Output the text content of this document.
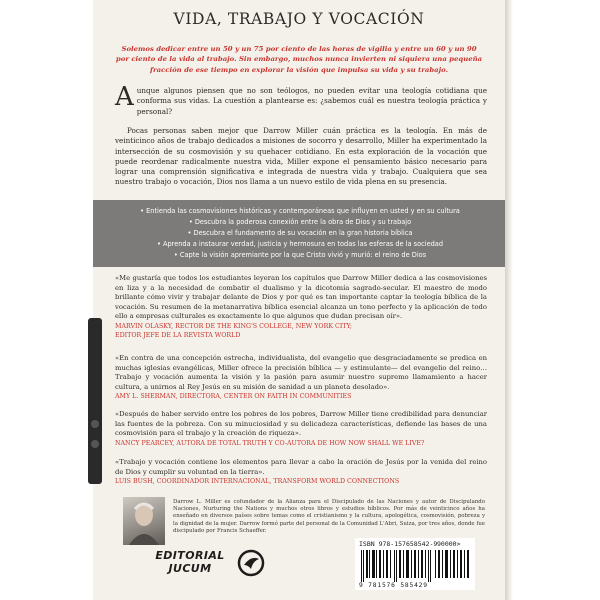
VIDA, TRABAJO Y VOCACIÓN
Solemos dedicar entre un 50 y un 75 por ciento de las horas de vigilia y entre un 60 y un 90 por ciento de la vida al trabajo. Sin embargo, muchos nunca invierten ni siquiera una pequeña fracción de ese tiempo en explorar la visión que impulsa su vida y su trabajo.
Aunque algunos piensen que no son teólogos, no pueden evitar una teología cotidiana que conforma sus vidas. La cuestión a plantearse es: ¿sabemos cuál es nuestra teología práctica y personal?
Pocas personas saben mejor que Darrow Miller cuán práctica es la teología. En más de veinticinco años de trabajo dedicados a misiones de socorro y desarrollo, Miller ha experimentado la intersección de su cosmovisión y su quehacer cotidiano. En esta exploración de la vocación que puede reordenar radicalmente nuestra vida, Miller expone el pensamiento básico necesario para lograr una comprensión significativa e integrada de nuestra vida y trabajo. Cualquiera que sea nuestro trabajo o vocación, Dios nos llama a un nuevo estilo de vida plena en su presencia.
• Entienda las cosmovisiones históricas y contemporáneas que influyen en usted y en su cultura
• Descubra la poderosa conexión entre la obra de Dios y su trabajo
• Descubra el fundamento de su vocación en la gran historia bíblica
• Aprenda a instaurar verdad, justicia y hermosura en todas las esferas de la sociedad
• Capte la visión apremiante por la que Cristo vivió y murió: el reino de Dios
«Me gustaría que todos los estudiantes leyeran los capítulos que Darrow Miller dedica a las cosmovisiones en liza y a la necesidad de combatir el dualismo y la dicotomía sagrado-secular. El maestro de modo brillante cómo vivir y trabajar delante de Dios y por qué es tan importante captar la teología bíblica de la vocación. Su resumen de la metanarrativa bíblica esencial alcanza un tono perfecto y la aplicación de todo ello a empresas culturales es exactamente lo que algunos que dudan precisan oír».
MARVIN OLASKY, RECTOR DE THE KING'S COLLEGE, NEW YORK CITY;
EDITOR JEFE DE LA REVISTA WORLD
«En contra de una concepción estrecha, individualista, del evangelio que desgraciadamente se predica en muchas iglesias evangélicas, Miller ofrece la precisión bíblica — y estimulante— del evangelio del reino… Trabajo y vocación aumenta la visión y la pasión para asumir nuestro supremo llamamiento a hacer cultura, a unirnos al Rey Jesús en su misión de sanidad a un planeta desolado».
AMY L. SHERMAN, DIRECTORA, CENTER ON FAITH IN COMMUNITIES
«Después de haber servido entre los pobres de los pobres, Darrow Miller tiene credibilidad para denunciar las fuentes de la pobreza. Con su minuciosidad y su delicadeza características, defiende las bases de una cosmovisión para el trabajo y la creación de riqueza».
NANCY PEARCEY, AUTORA DE TOTAL TRUTH Y CO-AUTORA DE HOW NOW SHALL WE LIVE?
«Trabajo y vocación contiene los elementos para llevar a cabo la oración de Jesús por la venida del reino de Dios y cumplir su voluntad en la tierra».
LUIS BUSH, COORDINADOR INTERNACIONAL, TRANSFORM WORLD CONNECTIONS
Darrow L. Miller es cofundador de la Alianza para el Discipulado de las Naciones y autor de Discipulando Naciones, Nurturing the Nations y muchos otros libros y estudios bíblicos. Por más de veinticinco años ha enseñado en diversos países sobre temas como el cristianismo y la cultura, apologética, cosmovisión, pobreza y la dignidad de la mujer. Darrow formó parte del personal de la Comunidad L'Abri, Suiza, por tres años, donde fue discipulado por Francis Schaeffer.
EDITORIAL JUCUM
ISBN 978-157658542-9 90000>
9 781576 585429
